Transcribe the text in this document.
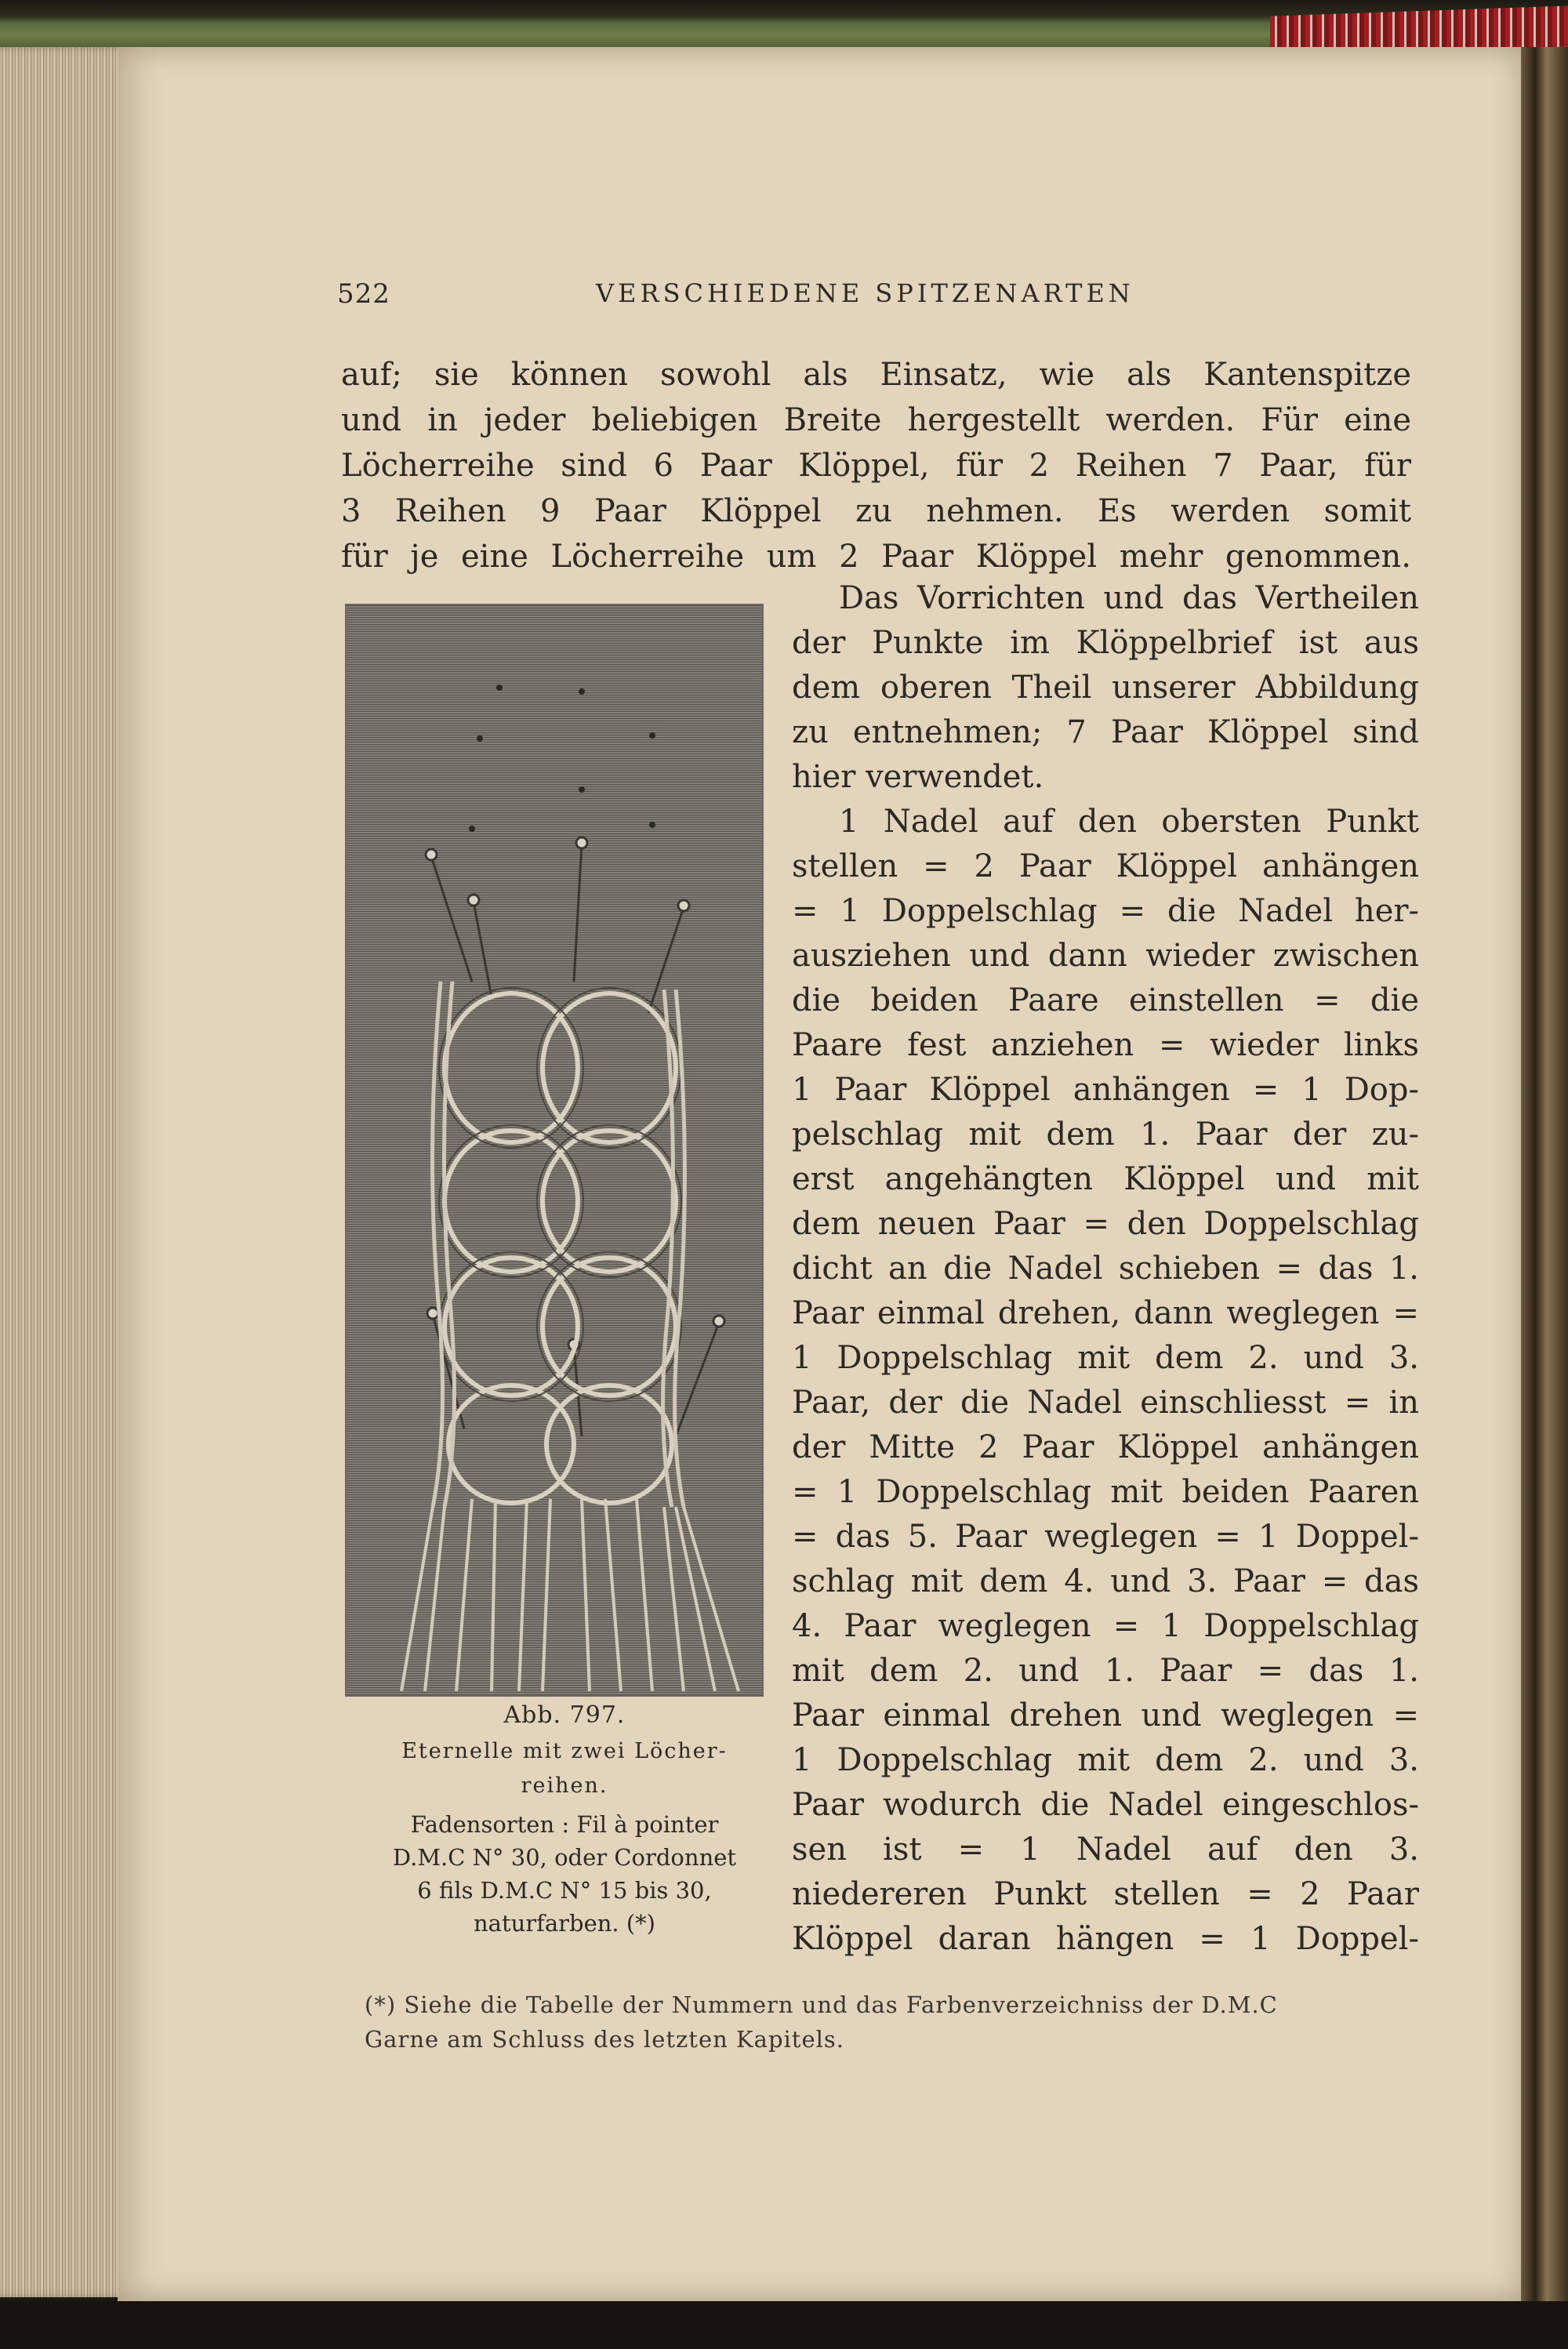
522	VERSCHIEDENE SPITZENARTEN
auf; sie können sowohl als Einsatz, wie als Kantenspitze
und in jeder beliebigen Breite hergestellt werden. Für eine
Löcherreihe sind 6 Paar Klöppel, für 2 Reihen 7 Paar, für
3 Reihen 9 Paar Klöppel zu nehmen. Es werden somit
für je eine Löcherreihe um 2 Paar Klöppel mehr genommen.
Das Vorrichten und das Vertheilen
der Punkte im Klöppelbrief ist aus
dem oberen Theil unserer Abbildung
zu entnehmen; 7 Paar Klöppel sind
hier verwendet.
1 Nadel auf den obersten Punkt
stellen = 2 Paar Klöppel anhängen
= 1 Doppelschlag = die Nadel her-
ausziehen und dann wieder zwischen
die beiden Paare einstellen = die
Paare fest anziehen = wieder links
1 Paar Klöppel anhängen = 1 Dop-
pelschlag mit dem 1. Paar der zu-
erst angehängten Klöppel und mit
dem neuen Paar = den Doppelschlag
dicht an die Nadel schieben = das 1.
Paar einmal drehen, dann weglegen =
1 Doppelschlag mit dem 2. und 3.
Paar, der die Nadel einschliesst = in
der Mitte 2 Paar Klöppel anhängen
= 1 Doppelschlag mit beiden Paaren
= das 5. Paar weglegen = 1 Doppel-
schlag mit dem 4. und 3. Paar = das
4. Paar weglegen = 1 Doppelschlag
mit dem 2. und 1. Paar = das 1.
Paar einmal drehen und weglegen =
1 Doppelschlag mit dem 2. und 3.
Paar wodurch die Nadel eingeschlos-
sen ist = 1 Nadel auf den 3.
niedereren Punkt stellen = 2 Paar
Klöppel daran hängen = 1 Doppel-
Abb. 797.
Eternelle mit zwei Löcher-
reihen.
Fadensorten : Fil à pointer
D.M.C N° 30, oder Cordonnet
6 fils D.M.C N° 15 bis 30,
naturfarben. (*)
(*) Siehe die Tabelle der Nummern und das Farbenverzeichniss der D.M.C
Garne am Schluss des letzten Kapitels.
